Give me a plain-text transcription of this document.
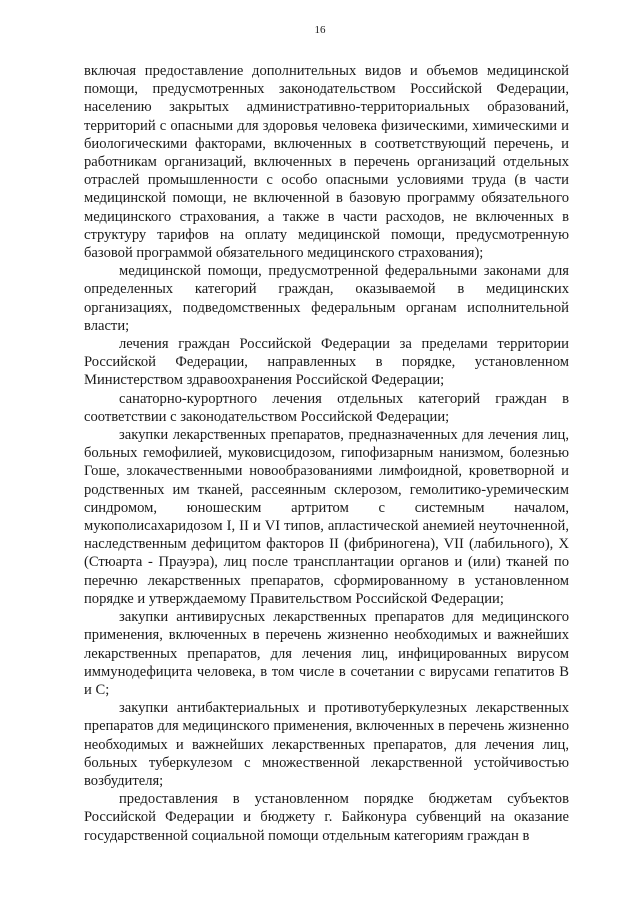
16

включая предоставление дополнительных видов и объемов медицинской помощи, предусмотренных законодательством Российской Федерации, населению закрытых административно-территориальных образований, территорий с опасными для здоровья человека физическими, химическими и биологическими факторами, включенных в соответствующий перечень, и работникам организаций, включенных в перечень организаций отдельных отраслей промышленности с особо опасными условиями труда (в части медицинской помощи, не включенной в базовую программу обязательного медицинского страхования, а также в части расходов, не включенных в структуру тарифов на оплату медицинской помощи, предусмотренную базовой программой обязательного медицинского страхования);

медицинской помощи, предусмотренной федеральными законами для определенных категорий граждан, оказываемой в медицинских организациях, подведомственных федеральным органам исполнительной власти;

лечения граждан Российской Федерации за пределами территории Российской Федерации, направленных в порядке, установленном Министерством здравоохранения Российской Федерации;

санаторно-курортного лечения отдельных категорий граждан в соответствии с законодательством Российской Федерации;

закупки лекарственных препаратов, предназначенных для лечения лиц, больных гемофилией, муковисцидозом, гипофизарным нанизмом, болезнью Гоше, злокачественными новообразованиями лимфоидной, кроветворной и родственных им тканей, рассеянным склерозом, гемолитико-уремическим синдромом, юношеским артритом с системным началом, мукополисахаридозом I, II и VI типов, апластической анемией неуточненной, наследственным дефицитом факторов II (фибриногена), VII (лабильного), X (Стюарта - Прауэра), лиц после трансплантации органов и (или) тканей по перечню лекарственных препаратов, сформированному в установленном порядке и утверждаемому Правительством Российской Федерации;

закупки антивирусных лекарственных препаратов для медицинского применения, включенных в перечень жизненно необходимых и важнейших лекарственных препаратов, для лечения лиц, инфицированных вирусом иммунодефицита человека, в том числе в сочетании с вирусами гепатитов В и С;

закупки антибактериальных и противотуберкулезных лекарственных препаратов для медицинского применения, включенных в перечень жизненно необходимых и важнейших лекарственных препаратов, для лечения лиц, больных туберкулезом с множественной лекарственной устойчивостью возбудителя;

предоставления в установленном порядке бюджетам субъектов Российской Федерации и бюджету г. Байконура субвенций на оказание государственной социальной помощи отдельным категориям граждан в
